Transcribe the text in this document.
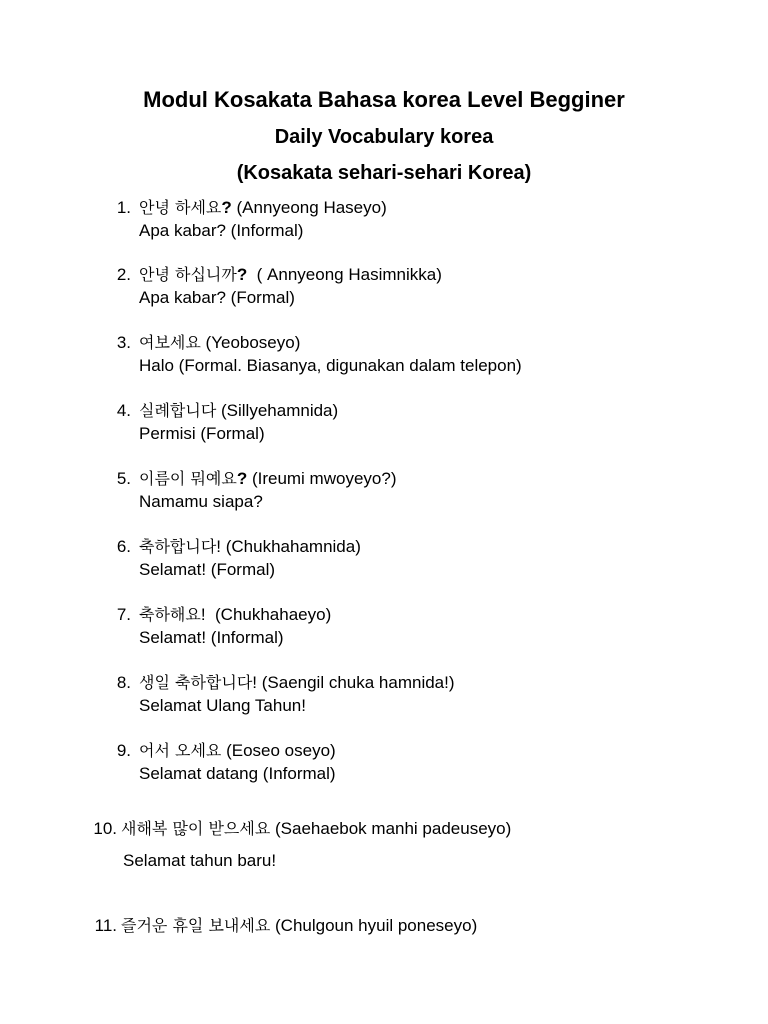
Modul Kosakata Bahasa korea Level Begginer
Daily Vocabulary korea
(Kosakata sehari-sehari Korea)
1. 안녕 하세요? (Annyeong Haseyo)
Apa kabar? (Informal)
2. 안녕 하십니까?  ( Annyeong Hasimnikka)
Apa kabar? (Formal)
3. 여보세요 (Yeoboseyo)
Halo (Formal. Biasanya, digunakan dalam telepon)
4. 실례합니다 (Sillyehamnida)
Permisi (Formal)
5. 이름이 뭐예요? (Ireumi mwoyeyo?)
Namamu siapa?
6. 축하합니다! (Chukhahamnida)
Selamat! (Formal)
7. 축하해요!  (Chukhahaeyo)
Selamat! (Informal)
8. 생일 축하합니다! (Saengil chuka hamnida!)
Selamat Ulang Tahun!
9. 어서 오세요 (Eoseo oseyo)
Selamat datang (Informal)
10. 새해복 많이 받으세요 (Saehaebok manhi padeuseyo)
Selamat tahun baru!
11. 즐거운 휴일 보내세요 (Chulgoun hyuil poneseyo)
